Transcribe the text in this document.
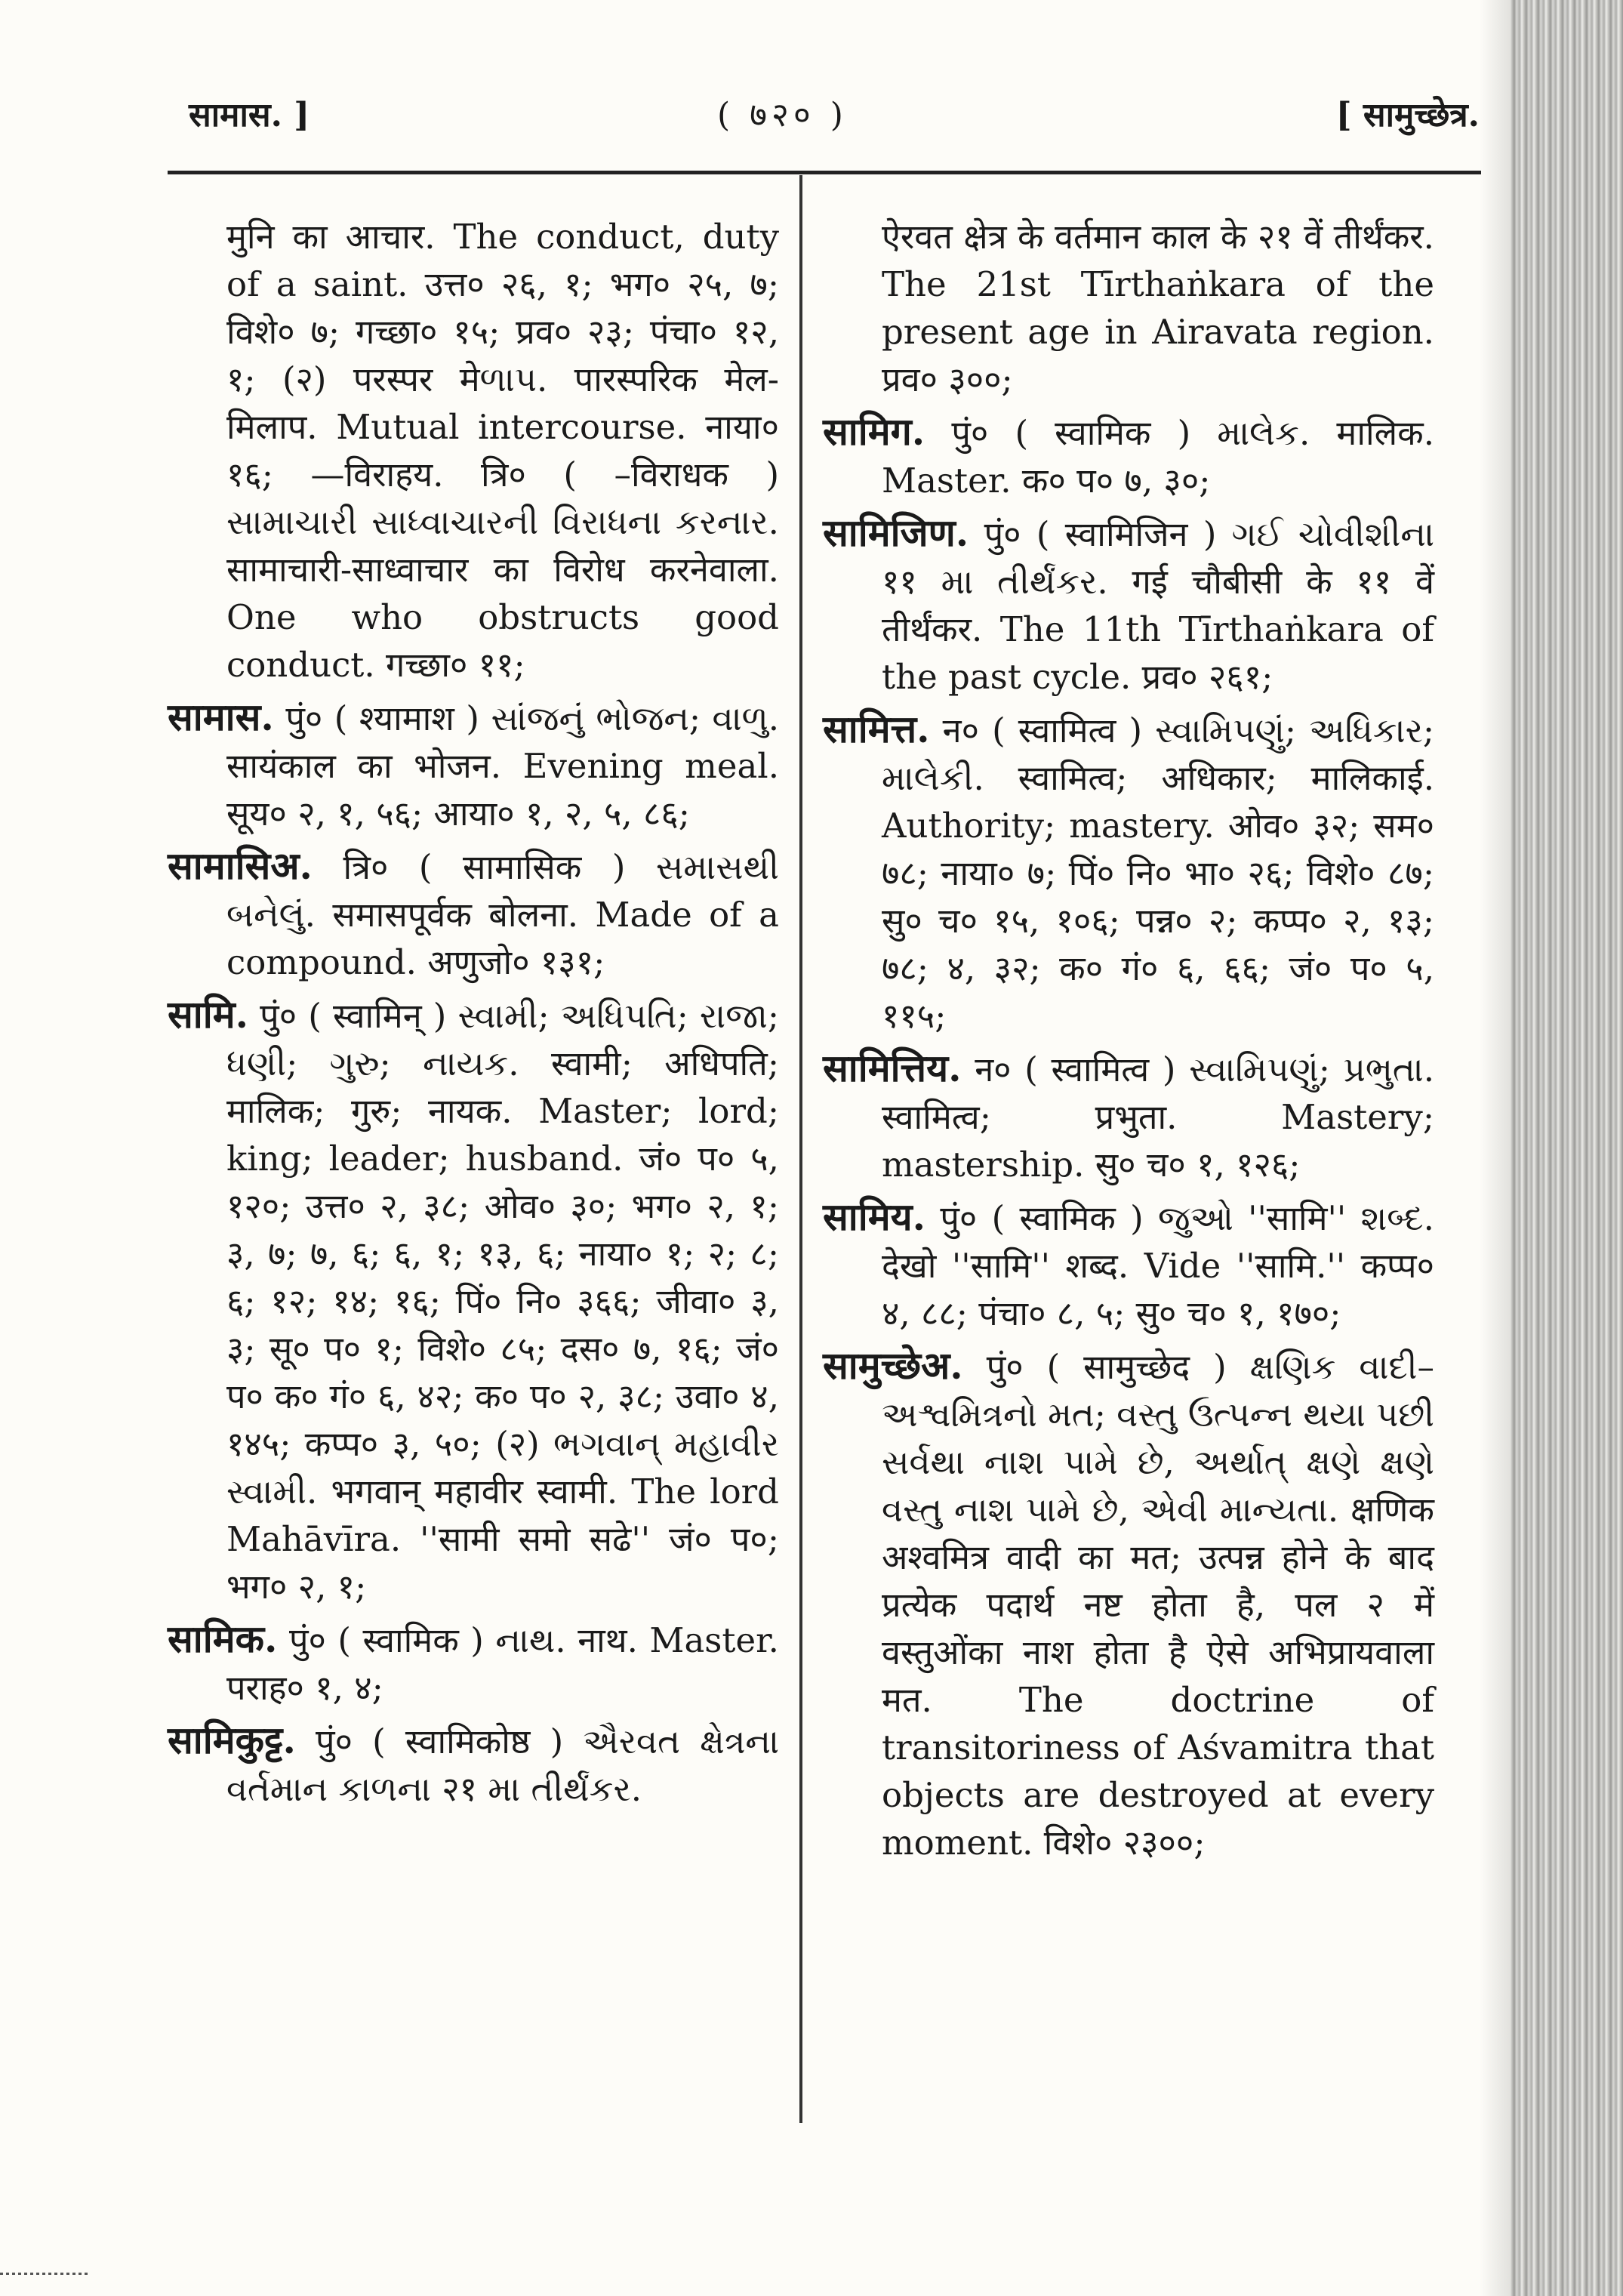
सामास. ]	( ७२० )	[ सामुच्छेत्र.

मुनि का आचार. The conduct, duty of a saint. उत्त० २६, १; भग० २५, ७; विशे० ७; गच्छा० १५; प्रव० २३; पंचा० १२, १; (२) परस्पर मेળાપ. पारस्परिक मेल-मिलाप. Mutual intercourse. नाया० १६; —विराहय. त्रि० ( –विराधक ) સામાચારી સાધ્વાચારની વિરાધના કરનાર. सामाचारी-साध्वाचार का विरोध करनेवाला. One who obstructs good conduct. गच्छा० ११;

सामास. पुं० ( श्यामाश ) સાંજનું ભોજન; વાળુ. सायंकाल का भोजन. Evening meal. सूय० २, १, ५६; आया० १, २, ५, ८६;

सामासिअ. त्रि० ( सामासिक ) સમાસથી બનેલું. समासपूर्वक बोलना. Made of a compound. अणुजो० १३१;

सामि. पुं० ( स्वामिन् ) સ્વામી; અધિપતિ; રાજા; ધણી; ગુરુ; નાયક. स्वामी; अधिपति; मालिक; गुरु; नायक. Master; lord; king; leader; husband. जं० प० ५, १२०; उत्त० २, ३८; ओव० ३०; भग० २, १; ३, ७; ७, ६; ६, १; १३, ६; नाया० १; २; ८; ६; १२; १४; १६; पिं० नि० ३६६; जीवा० ३, ३; सू० प० १; विशे० ८५; दस० ७, १६; जं० प० क० गं० ६, ४२; क० प० २, ३८; उवा० ४, १४५; कप्प० ३, ५०; (२) ભગવાન્ મહાવીર સ્વામી. भगवान् महावीर स्वामी. The lord Mahāvīra. ''सामी समो सढे'' जं० प०; भग० २, १;

सामिक. पुं० ( स्वामिक ) નાથ. नाथ. Master. पराह० १, ४;

सामिकुट्ट. पुं० ( स्वामिकोष्ठ ) ઐરવત ક્ષેત્રના વર્તમાન કાળના २१ મા તીર્થંકર.

ऐरवत क्षेत्र के वर्तमान काल के २१ वें तीर्थंकर. The 21st Tīrthaṅkara of the present age in Airavata region. प्रव० ३००;

सामिग. पुं० ( स्वामिक ) માલેક. मालिक. Master. क० प० ७, ३०;

सामिजिण. पुं० ( स्वामिजिन ) ગઈ ચોવીશીના ११ મા તીર્થંકર. गई चौबीसी के ११ वें तीर्थंकर. The 11th Tīrthaṅkara of the past cycle. प्रव० २६१;

सामित्त. न० ( स्वामित्व ) સ્વામિપણું; અધિકાર; માલેકી. स्वामित्व; अधिकार; मालिकाई. Authority; mastery. ओव० ३२; सम० ७८; नाया० ७; पिं० नि० भा० २६; विशे० ८७; सु० च० १५, १०६; पन्न० २; कप्प० २, १३; ७८; ४, ३२; क० गं० ६, ६६; जं० प० ५, ११५;

सामित्तिय. न० ( स्वामित्व ) સ્વામિપણું; પ્રભુતા. स्वामित्व; प्रभुता. Mastery; mastership. सु० च० १, १२६;

सामिय. पुं० ( स्वामिक ) જુઓ ''सामि'' શબ્દ. देखो ''सामि'' शब्द. Vide ''सामि.'' कप्प० ४, ८८; पंचा० ८, ५; सु० च० १, १७०;

सामुच्छेअ. पुं० ( सामुच्छेद ) ક્ષણિક વાદી–અશ્વમિત્રનો મત; વસ્તુ ઉત્પન્ન થયા પછી સર્વથા નાશ પામે છે, અર્થાત્ ક્ષણે ક્ષણે વસ્તુ નાશ પામે છે, એવી માન્યતા. क्षणिक अश्वमित्र वादी का मत; उत्पन्न होने के बाद प्रत्येक पदार्थ नष्ट होता है, पल २ में वस्तुओंका नाश होता है ऐसे अभिप्रायवाला मत. The doctrine of transitoriness of Aśvamitra that objects are destroyed at every moment. विशे० २३००;
